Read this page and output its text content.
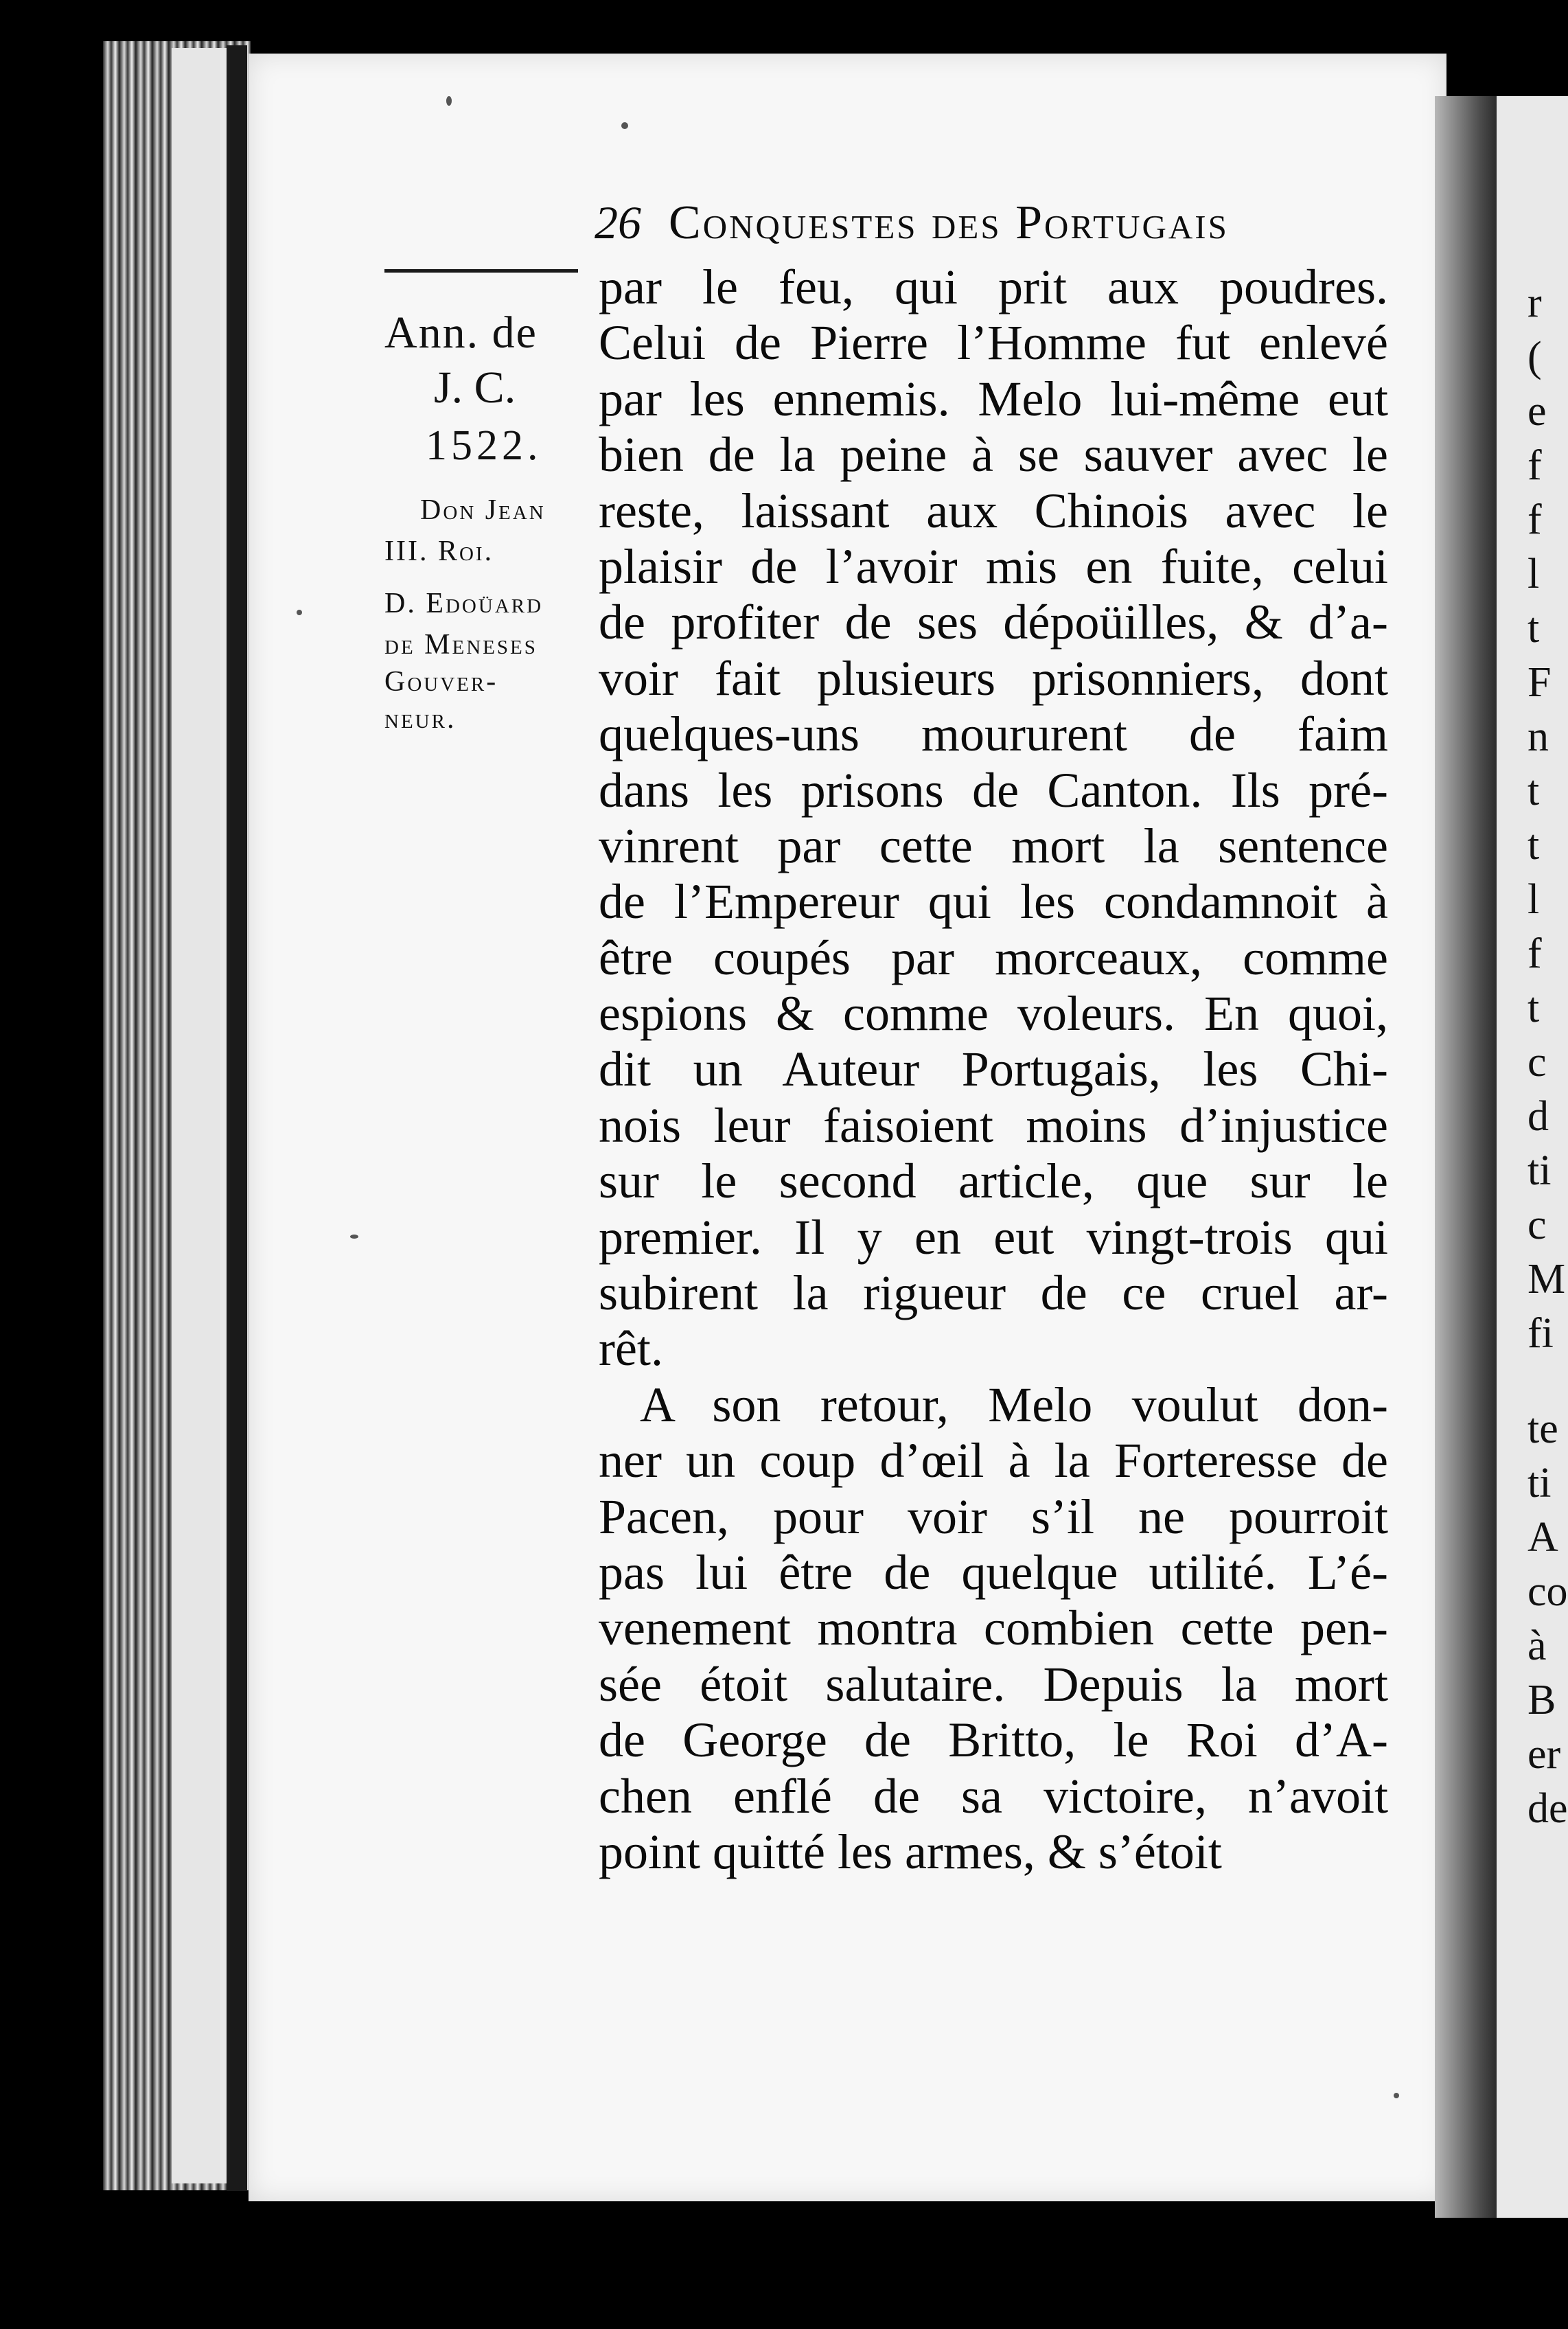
r
(
e
f
f
l
t
F
n
t
t
l
f
t
c
d
ti
c
M
fi
te
ti
A
co
à
B
er
de
26 Conquestes des Portugais
Ann. de
J. C.
1522.
Don Jean
III. Roi.
D. Edoüard
de Meneses
Gouver-
neur.
par le feu, qui prit aux poudres.
Celui de Pierre l’Homme fut enlevé
par les ennemis. Melo lui-même eut
bien de la peine à se sauver avec le
reste, laissant aux Chinois avec le
plaisir de l’avoir mis en fuite, celui
de profiter de ses dépoüilles, & d’a-
voir fait plusieurs prisonniers, dont
quelques-uns moururent de faim
dans les prisons de Canton. Ils pré-
vinrent par cette mort la sentence
de l’Empereur qui les condamnoit à
être coupés par morceaux, comme
espions & comme voleurs. En quoi,
dit un Auteur Portugais, les Chi-
nois leur faisoient moins d’injustice
sur le second article, que sur le
premier. Il y en eut vingt-trois qui
subirent la rigueur de ce cruel ar-
rêt.
A son retour, Melo voulut don-
ner un coup d’œil à la Forteresse de
Pacen, pour voir s’il ne pourroit
pas lui être de quelque utilité. L’é-
venement montra combien cette pen-
sée étoit salutaire. Depuis la mort
de George de Britto, le Roi d’A-
chen enflé de sa victoire, n’avoit
point quitté les armes, & s’étoit
